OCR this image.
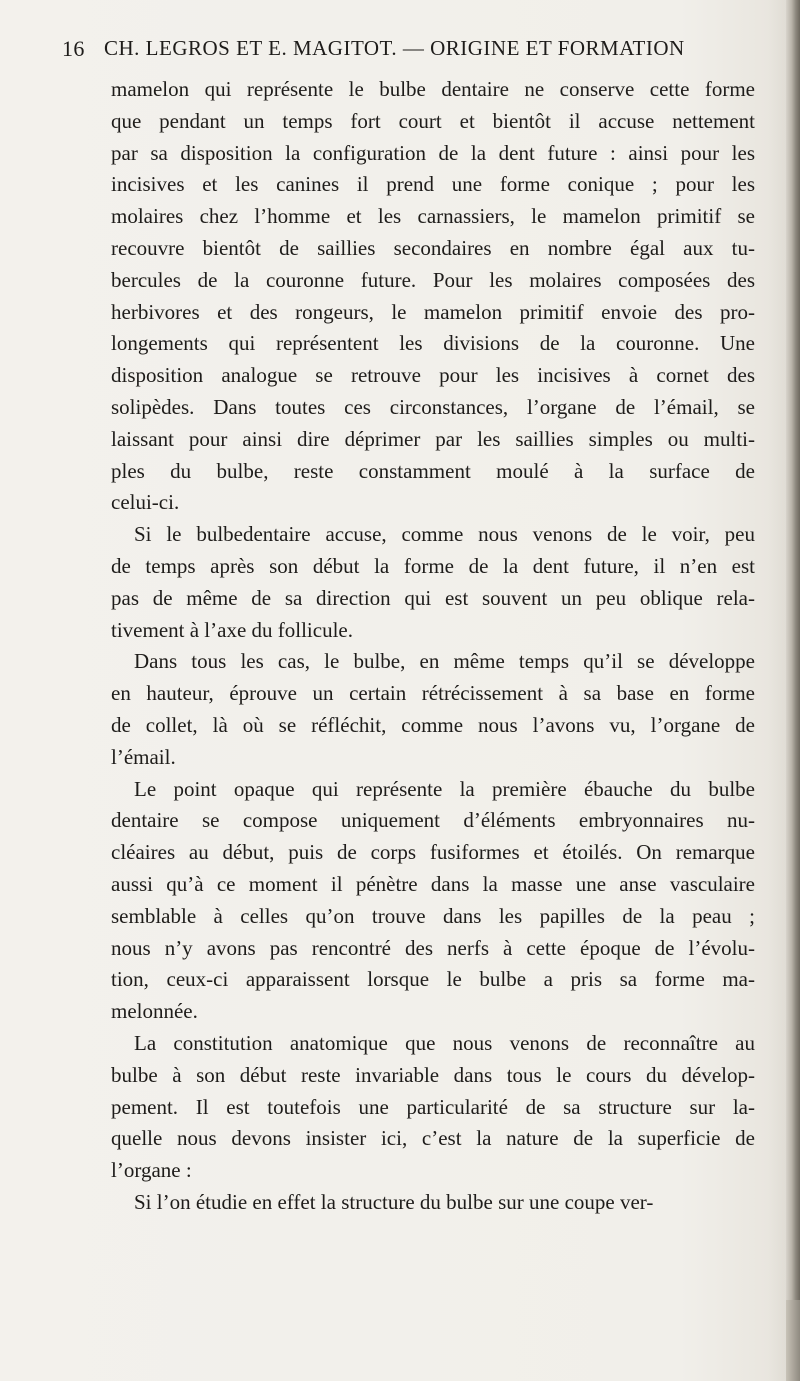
16 CH. LEGROS ET E. MAGITOT. — ORIGINE ET FORMATION
mamelon qui représente le bulbe dentaire ne conserve cette forme
que pendant un temps fort court et bientôt il accuse nettement
par sa disposition la configuration de la dent future : ainsi pour les
incisives et les canines il prend une forme conique ; pour les
molaires chez l’homme et les carnassiers, le mamelon primitif se
recouvre bientôt de saillies secondaires en nombre égal aux tu-
bercules de la couronne future. Pour les molaires composées des
herbivores et des rongeurs, le mamelon primitif envoie des pro-
longements qui représentent les divisions de la couronne. Une
disposition analogue se retrouve pour les incisives à cornet des
solipèdes. Dans toutes ces circonstances, l’organe de l’émail, se
laissant pour ainsi dire déprimer par les saillies simples ou multi-
ples du bulbe, reste constamment moulé à la surface de
celui-ci.
Si le bulbedentaire accuse, comme nous venons de le voir, peu
de temps après son début la forme de la dent future, il n’en est
pas de même de sa direction qui est souvent un peu oblique rela-
tivement à l’axe du follicule.
Dans tous les cas, le bulbe, en même temps qu’il se développe
en hauteur, éprouve un certain rétrécissement à sa base en forme
de collet, là où se réfléchit, comme nous l’avons vu, l’organe de
l’émail.
Le point opaque qui représente la première ébauche du bulbe
dentaire se compose uniquement d’éléments embryonnaires nu-
cléaires au début, puis de corps fusiformes et étoilés. On remarque
aussi qu’à ce moment il pénètre dans la masse une anse vasculaire
semblable à celles qu’on trouve dans les papilles de la peau ;
nous n’y avons pas rencontré des nerfs à cette époque de l’évolu-
tion, ceux-ci apparaissent lorsque le bulbe a pris sa forme ma-
melonnée.
La constitution anatomique que nous venons de reconnaître au
bulbe à son début reste invariable dans tous le cours du dévelop-
pement. Il est toutefois une particularité de sa structure sur la-
quelle nous devons insister ici, c’est la nature de la superficie de
l’organe :
Si l’on étudie en effet la structure du bulbe sur une coupe ver-
